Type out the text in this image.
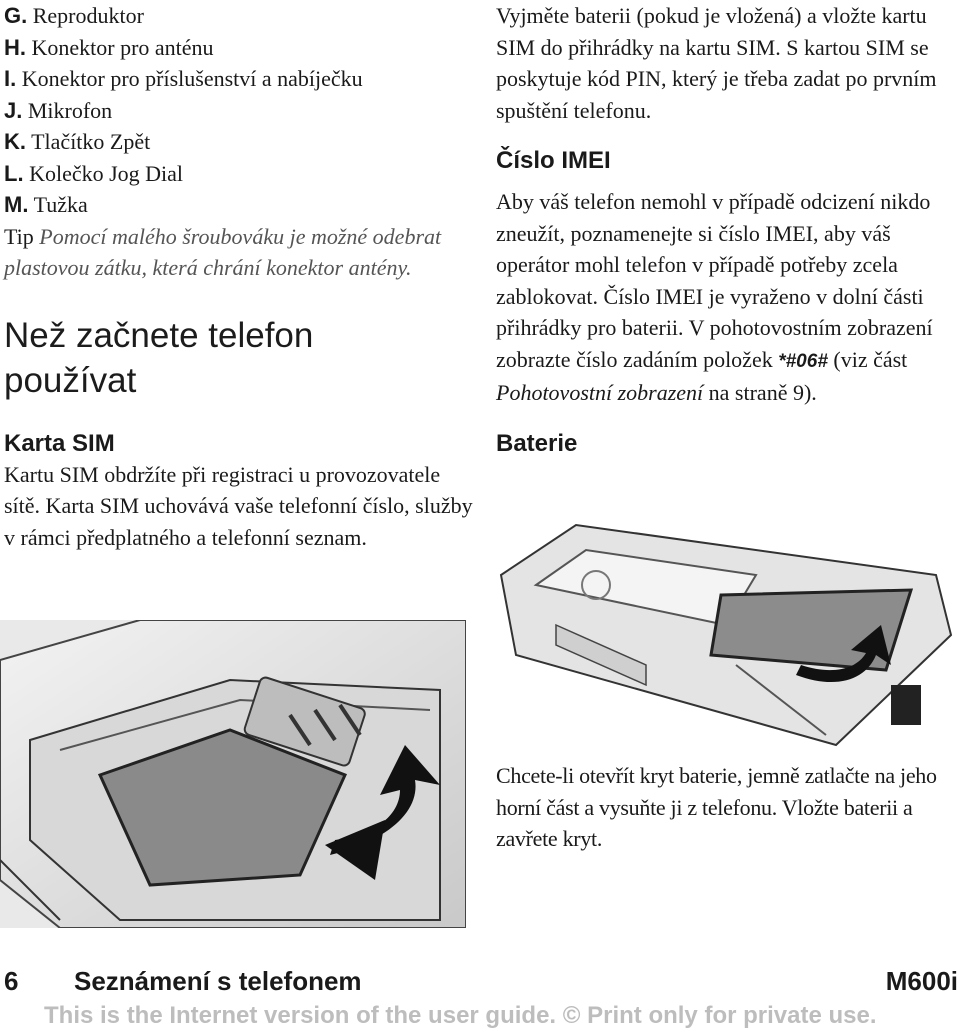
G. Reproduktor
H. Konektor pro anténu
I. Konektor pro příslušenství a nabíječku
J. Mikrofon
K. Tlačítko Zpět
L. Kolečko Jog Dial
M. Tužka

Tip Pomocí malého šroubováku je možné odebrat plastovou zátku, která chrání konektor antény.

Než začnete telefon
používat
Karta SIM

Kartu SIM obdržíte při registraci u provozovatele sítě. Karta SIM uchovává vaše telefonní číslo, služby v rámci předplatného a telefonní seznam.

Vyjměte baterii (pokud je vložená) a vložte kartu SIM do přihrádky na kartu SIM. S kartou SIM se poskytuje kód PIN, který je třeba zadat po prvním spuštění telefonu.

Číslo IMEI

Aby váš telefon nemohl v případě odcizení nikdo zneužít, poznamenejte si číslo IMEI, aby váš operátor mohl telefon v případě potřeby zcela zablokovat. Číslo IMEI je vyraženo v dolní části přihrádky pro baterii. V pohotovostním zobrazení zobrazte číslo zadáním položek *#06# (viz část Pohotovostní zobrazení na straně 9).

Baterie

Chcete-li otevřít kryt baterie, jemně zatlačte na jeho horní část a vysuňte ji z telefonu. Vložte baterii a zavřete kryt.

6 Seznámení s telefonem	M600i
This is the Internet version of the user guide. © Print only for private use.
